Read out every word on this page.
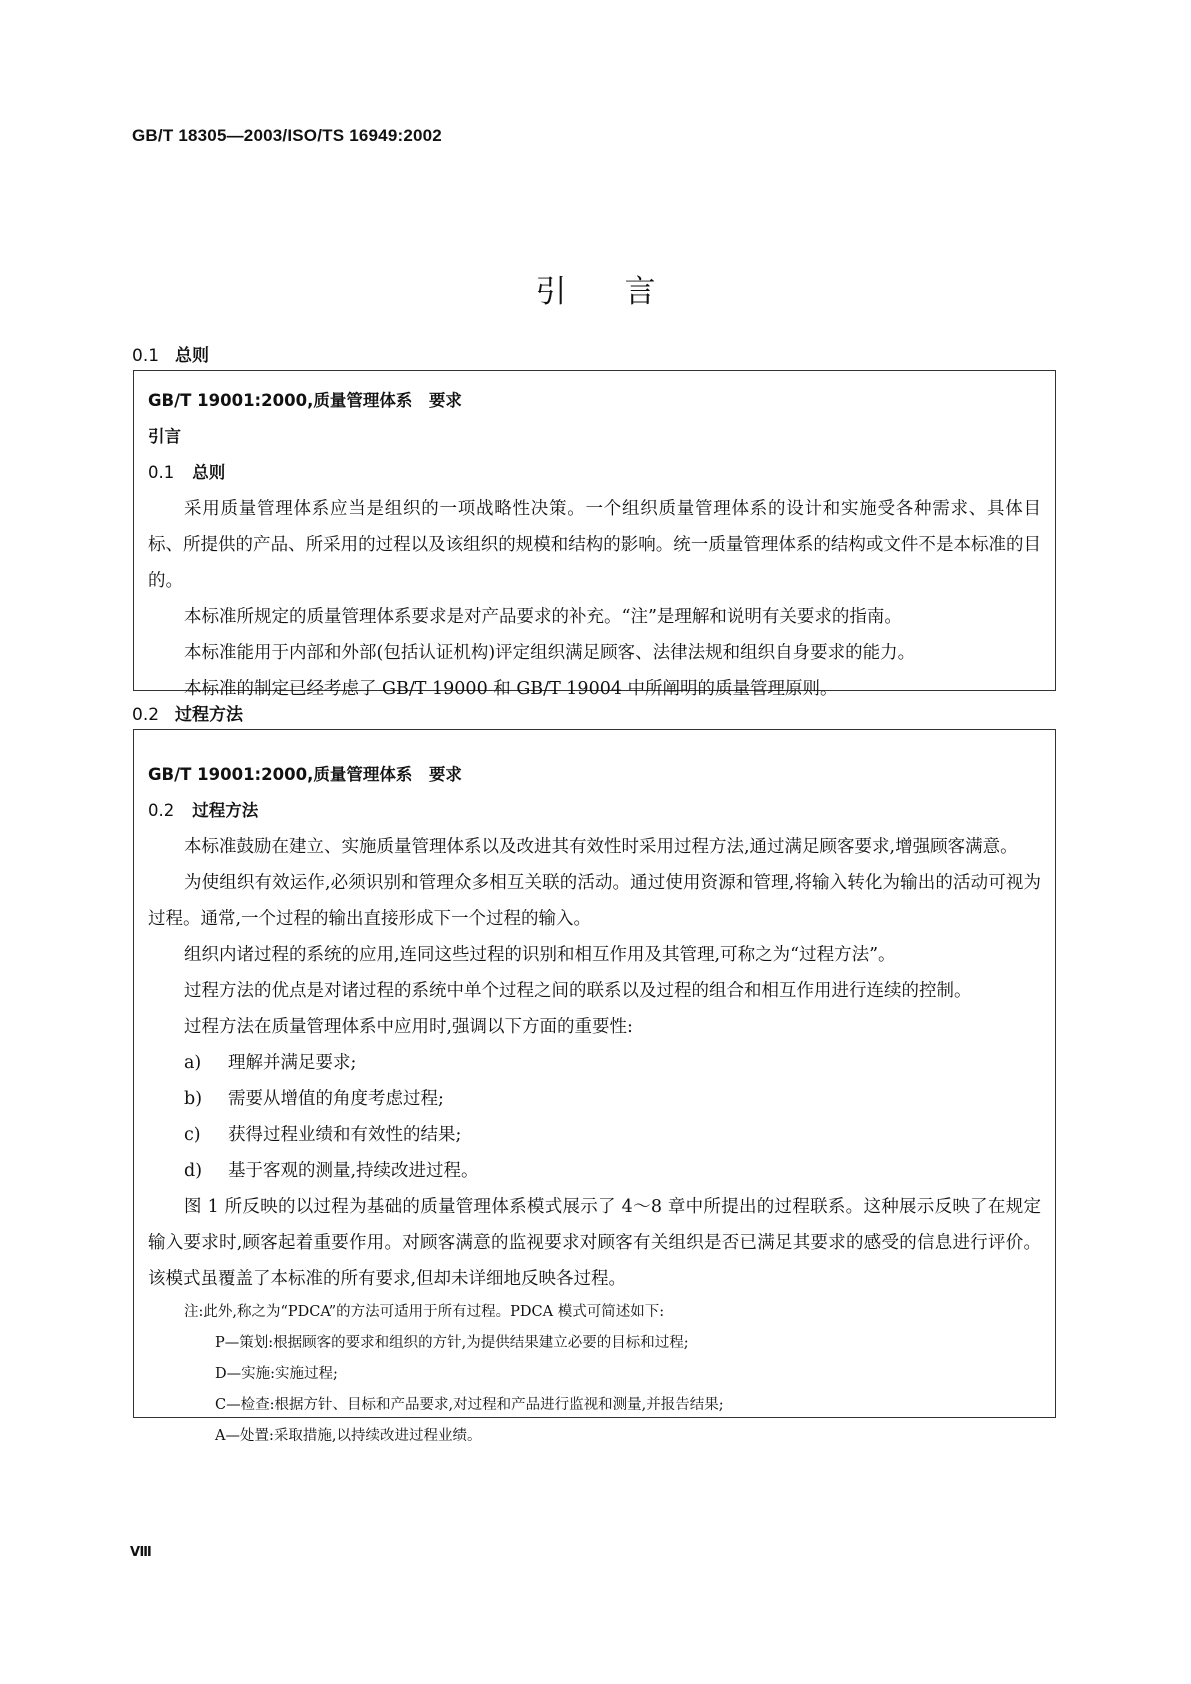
GB/T 18305—2003/ISO/TS 16949:2002
引言
0.1 总则
GB/T 19001:2000,质量管理体系　要求
引言
0.1 总则
采用质量管理体系应当是组织的一项战略性决策。一个组织质量管理体系的设计和实施受各种需求、具体目标、所提供的产品、所采用的过程以及该组织的规模和结构的影响。统一质量管理体系的结构或文件不是本标准的目的。
本标准所规定的质量管理体系要求是对产品要求的补充。“注”是理解和说明有关要求的指南。
本标准能用于内部和外部(包括认证机构)评定组织满足顾客、法律法规和组织自身要求的能力。
本标准的制定已经考虑了 GB/T 19000 和 GB/T 19004 中所阐明的质量管理原则。
0.2 过程方法
GB/T 19001:2000,质量管理体系　要求
0.2 过程方法
本标准鼓励在建立、实施质量管理体系以及改进其有效性时采用过程方法,通过满足顾客要求,增强顾客满意。
为使组织有效运作,必须识别和管理众多相互关联的活动。通过使用资源和管理,将输入转化为输出的活动可视为过程。通常,一个过程的输出直接形成下一个过程的输入。
组织内诸过程的系统的应用,连同这些过程的识别和相互作用及其管理,可称之为“过程方法”。
过程方法的优点是对诸过程的系统中单个过程之间的联系以及过程的组合和相互作用进行连续的控制。
过程方法在质量管理体系中应用时,强调以下方面的重要性:
a) 理解并满足要求;
b) 需要从增值的角度考虑过程;
c) 获得过程业绩和有效性的结果;
d) 基于客观的测量,持续改进过程。
图 1 所反映的以过程为基础的质量管理体系模式展示了 4～8 章中所提出的过程联系。这种展示反映了在规定输入要求时,顾客起着重要作用。对顾客满意的监视要求对顾客有关组织是否已满足其要求的感受的信息进行评价。该模式虽覆盖了本标准的所有要求,但却未详细地反映各过程。
注:此外,称之为“PDCA”的方法可适用于所有过程。PDCA 模式可简述如下:
P—策划:根据顾客的要求和组织的方针,为提供结果建立必要的目标和过程;
D—实施:实施过程;
C—检查:根据方针、目标和产品要求,对过程和产品进行监视和测量,并报告结果;
A—处置:采取措施,以持续改进过程业绩。
Ⅷ
